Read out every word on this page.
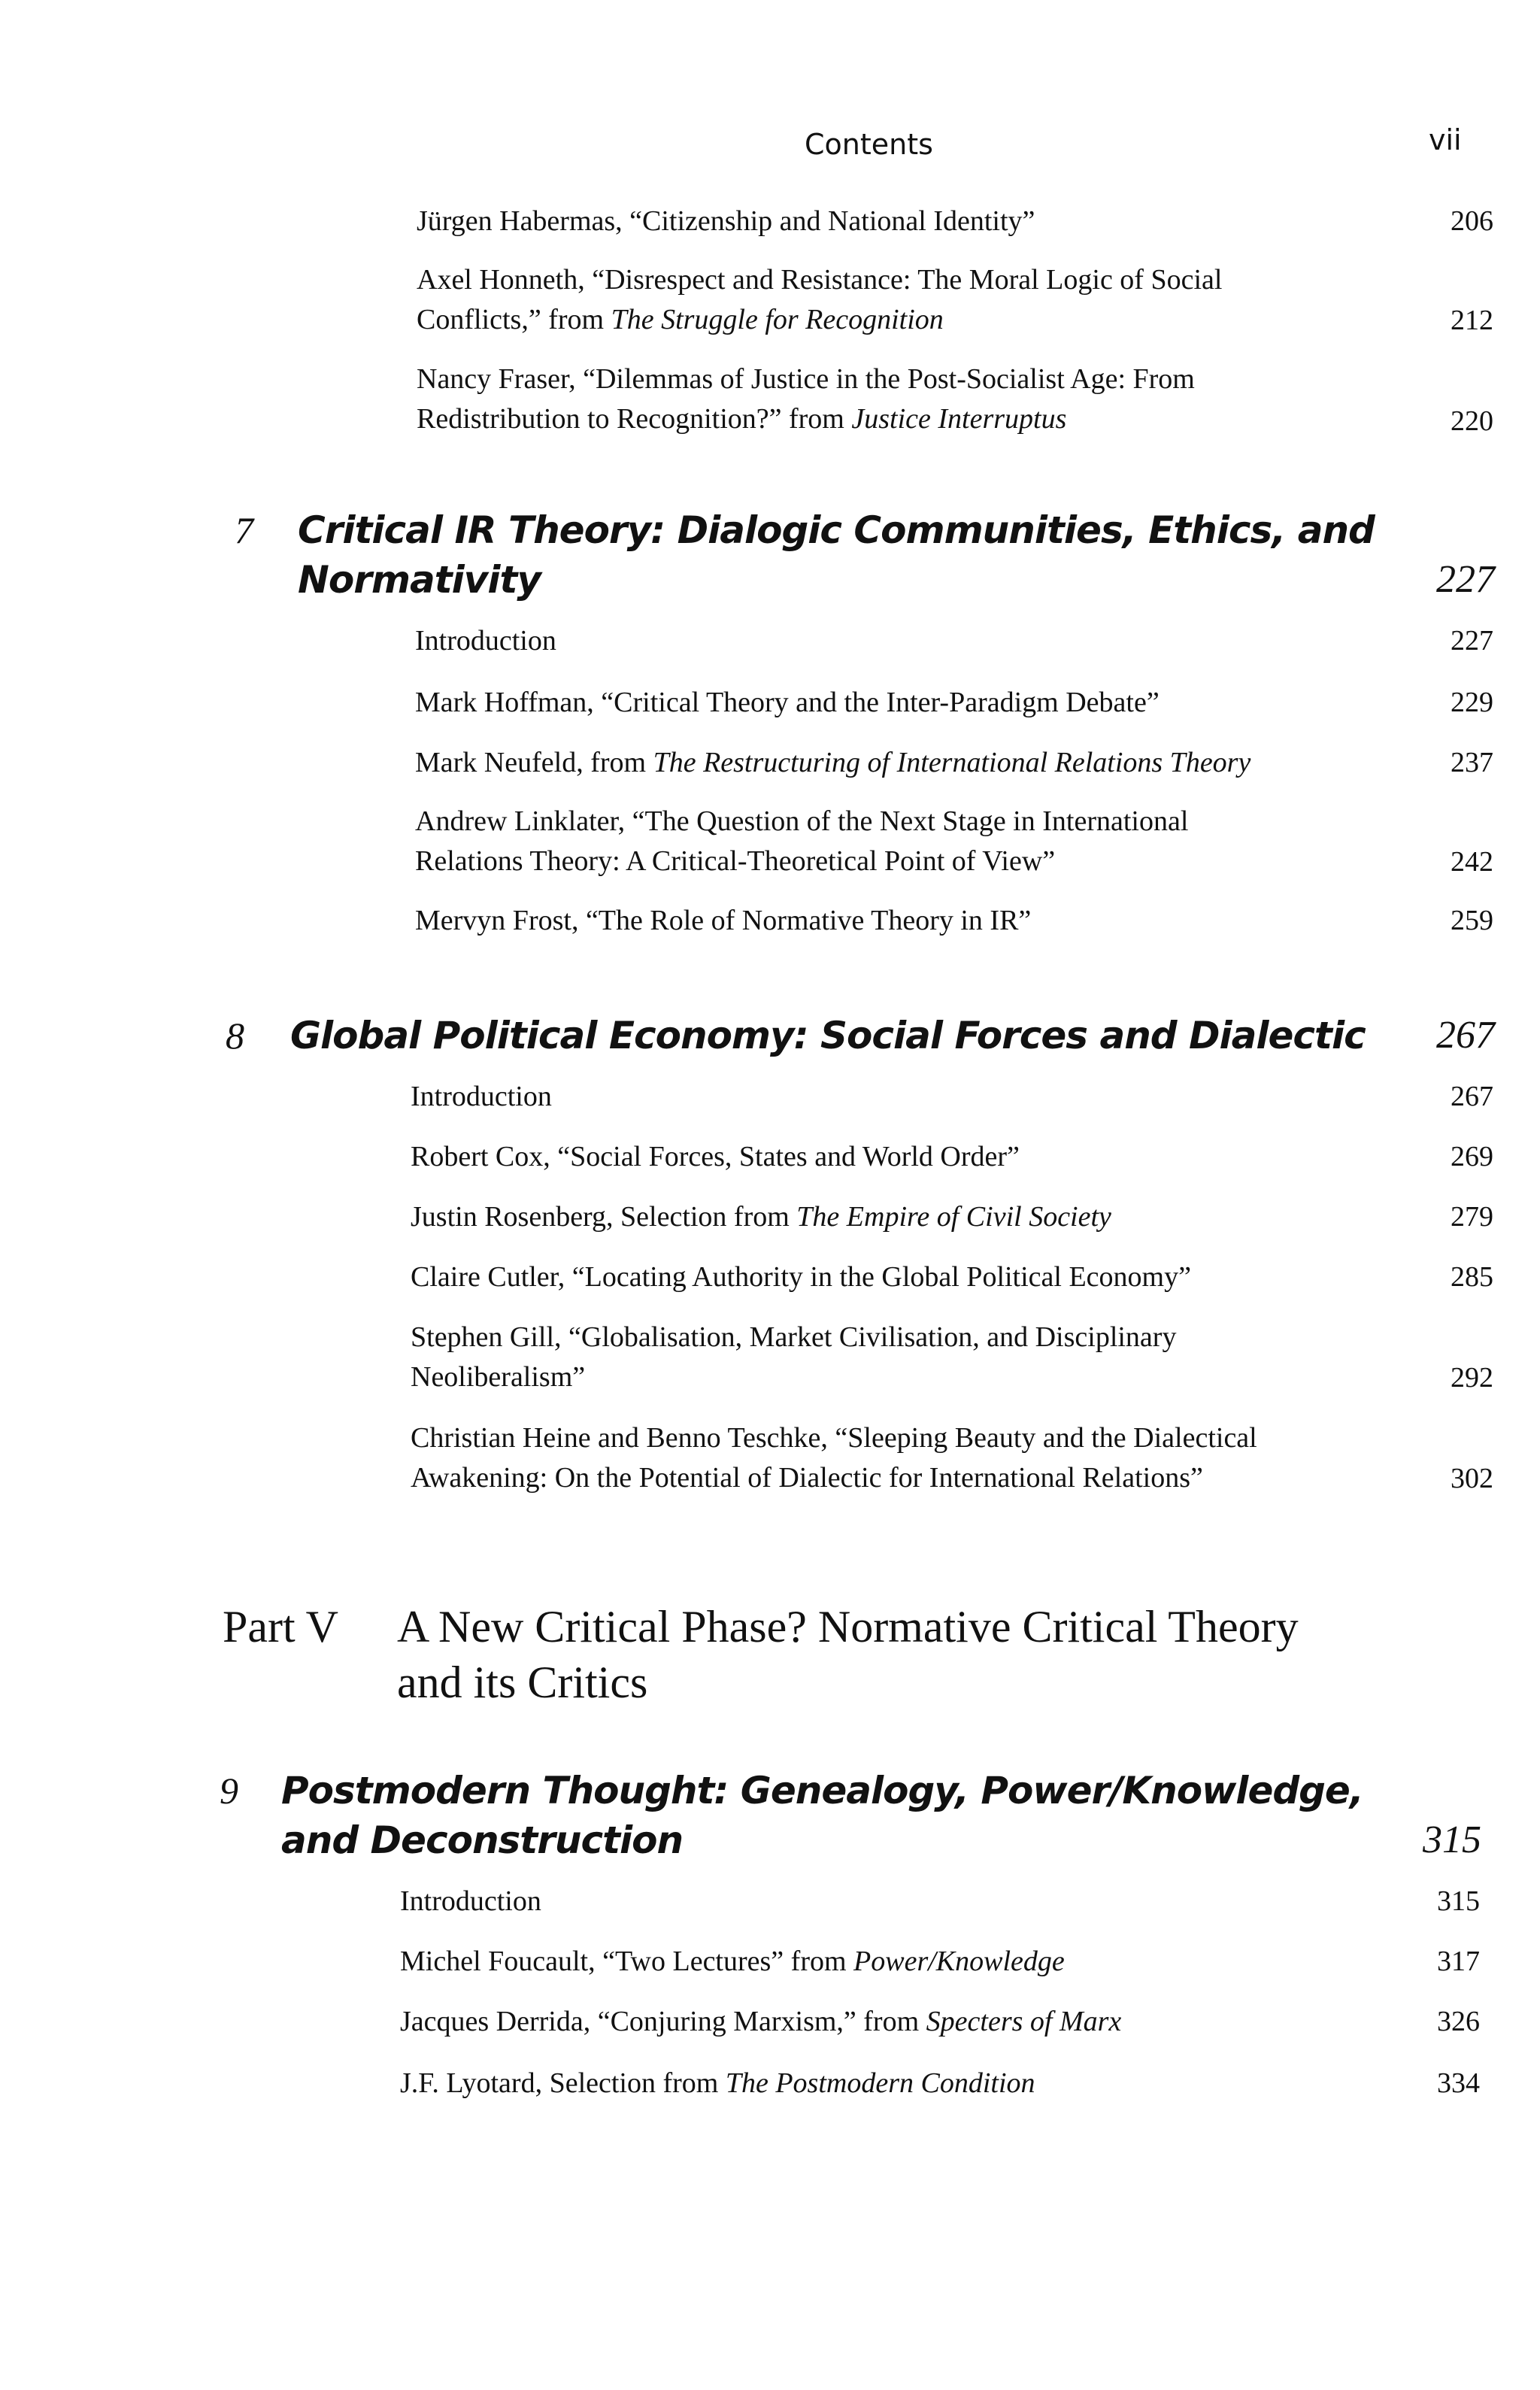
Contents	vii
Jürgen Habermas, “Citizenship and National Identity”	206
Axel Honneth, “Disrespect and Resistance: The Moral Logic of Social
Conflicts,” from The Struggle for Recognition	212
Nancy Fraser, “Dilemmas of Justice in the Post-Socialist Age: From
Redistribution to Recognition?” from Justice Interruptus	220
7 Critical IR Theory: Dialogic Communities, Ethics, and
Normativity	227
Introduction	227
Mark Hoffman, “Critical Theory and the Inter-Paradigm Debate”	229
Mark Neufeld, from The Restructuring of International Relations Theory	237
Andrew Linklater, “The Question of the Next Stage in International
Relations Theory: A Critical-Theoretical Point of View”	242
Mervyn Frost, “The Role of Normative Theory in IR”	259
8 Global Political Economy: Social Forces and Dialectic	267
Introduction	267
Robert Cox, “Social Forces, States and World Order”	269
Justin Rosenberg, Selection from The Empire of Civil Society	279
Claire Cutler, “Locating Authority in the Global Political Economy”	285
Stephen Gill, “Globalisation, Market Civilisation, and Disciplinary
Neoliberalism”	292
Christian Heine and Benno Teschke, “Sleeping Beauty and the Dialectical
Awakening: On the Potential of Dialectic for International Relations”	302
Part V A New Critical Phase? Normative Critical Theory
and its Critics
9 Postmodern Thought: Genealogy, Power/Knowledge,
and Deconstruction	315
Introduction	315
Michel Foucault, “Two Lectures” from Power/Knowledge	317
Jacques Derrida, “Conjuring Marxism,” from Specters of Marx	326
J.F. Lyotard, Selection from The Postmodern Condition	334
